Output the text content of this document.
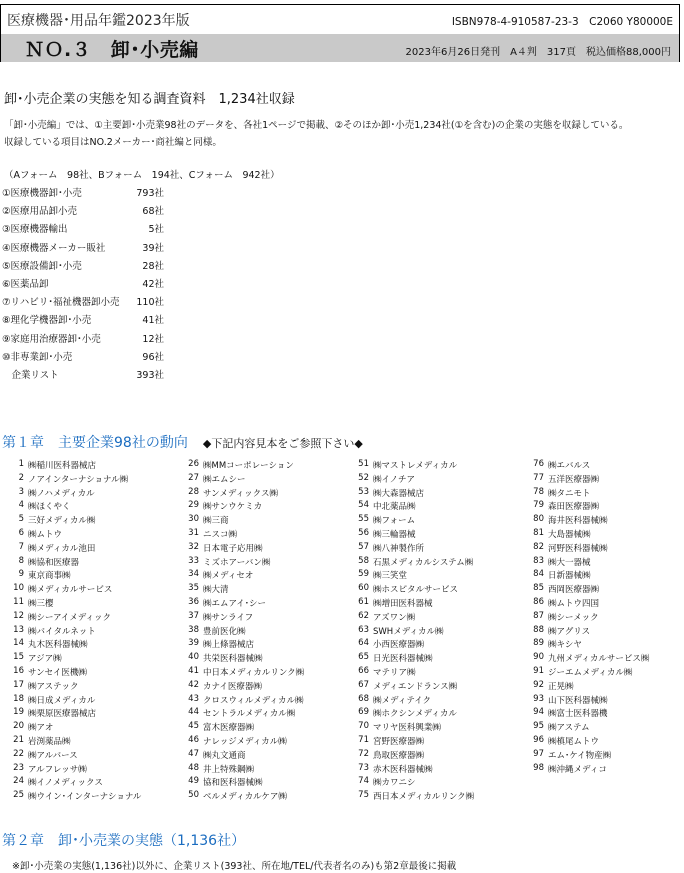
医療機器･用品年鑑2023年版	ISBN978-4-910587-23-3　C2060 Y80000E
ＮＯ.３　卸･小売編	2023年6月26日発刊　A４判　317頁　税込価格88,000円
卸･小売企業の実態を知る調査資料　1,234社収録
「卸･小売編」では、①主要卸･小売業98社のデータを、各社1ページで掲載、②そのほか卸･小売1,234社(①を含む)の企業の実態を収録している。
収録している項目はNO.2メーカー･商社編と同様。
（Aフォーム　98社、Bフォーム　194社、Cフォーム　942社）
①医療機器卸･小売	793社
②医療用品卸小売	68社
③医療機器輸出	5社
④医療機器メーカー販社	39社
⑤医療設備卸･小売	28社
⑥医薬品卸	42社
⑦リハビリ･福祉機器卸小売 110社
⑧理化学機器卸･小売	41社
⑨家庭用治療器卸･小売	12社
⑩非専業卸･小売	96社
　企業リスト	393社
第１章　主要企業98社の動向 ◆下記内容見本をご参照下さい◆
1 ㈱稲川医科器械店
2 ノアインターナショナル㈱
3 ㈱ノハメディカル
4 ㈱ほくやく
5 三好メディカル㈱
6 ㈱ムトウ
7 ㈱メディカル池田
8 ㈱協和医療器
9 東京商事㈱
10 ㈱メディカルサービス
11 ㈱三樱
12 ㈱シーアイメディック
13 ㈱バイタルネット
14 丸木医科器械㈱
15 アジア㈱
16 サンセイ医機㈱
17 ㈱アステック
18 ㈱日成メディカル
19 ㈱栗原医療器械店
20 ㈱アオ
21 岩渕薬品㈱
22 ㈱アルバース
23 アルフレッサ㈱
24 ㈱イノメディックス
25 ㈱ウイン･インターナショナル
26 ㈱MMコーポレーション
27 ㈱エムシー
28 サンメディックス㈱
29 ㈱サンウケミカ
30 ㈱三商
31 ニスコ㈱
32 日本電子応用㈱
33 ミズホアーバン㈱
34 ㈱メディセオ
35 ㈱大清
36 ㈱エムアイ･シー
37 ㈱サンライフ
38 豊前医化㈱
39 ㈱上條器械店
40 共栄医科器械㈱
41 中日本メディカルリンク㈱
42 カナイ医療器㈱
43 クロスウィルメディカル㈱
44 セントラルメディカル㈱
45 富木医療器㈱
46 ナレッジメディカル㈱
47 ㈱丸文通商
48 井上特殊鋼㈱
49 協和医科器械㈱
50 ベルメディカルケア㈱
51 ㈱マストレメディカル
52 ㈱イノチア
53 ㈱大森器械店
54 中北薬品㈱
55 ㈱フォーム
56 ㈱三輪器械
57 ㈱八神製作所
58 石黒メディカルシステム㈱
59 ㈱三笑堂
60 ㈱ホスピタルサービス
61 ㈱増田医科器械
62 アズワン㈱
63 SWHメディカル㈱
64 小西医療器㈱
65 日光医科器械㈱
66 マテリア㈱
67 メディエンドランス㈱
68 ㈱メディテイク
69 ㈱ホクシンメディカル
70 マリヤ医科興業㈱
71 宮野医療器㈱
72 鳥取医療器㈱
73 赤木医科器械㈱
74 ㈱カワニシ
75 西日本メディカルリンク㈱
76 ㈱エバルス
77 五洋医療器㈱
78 ㈱タニモト
79 森田医療器㈱
80 海井医科器械㈱
81 大島器械㈱
82 河野医科器械㈱
83 ㈱大一器械
84 日新器械㈱
85 西岡医療器㈱
86 ㈱ムトウ四国
87 ㈱シーメック
88 ㈱アグリス
89 ㈱キシヤ
90 九州メディカルサービス㈱
91 ジーエムメディカル㈱
92 正晃㈱
93 山下医科器械㈱
94 ㈱富士医科器機
95 ㈱アステム
96 ㈱槙尾ムトウ
97 エム･ケイ物産㈱
98 ㈱沖縄メディコ
第２章　卸･小売業の実態（1,136社）
※卸･小売業の実態(1,136社)以外に、企業リスト(393社、所在地/TEL/代表者名のみ)も第2章最後に掲載
